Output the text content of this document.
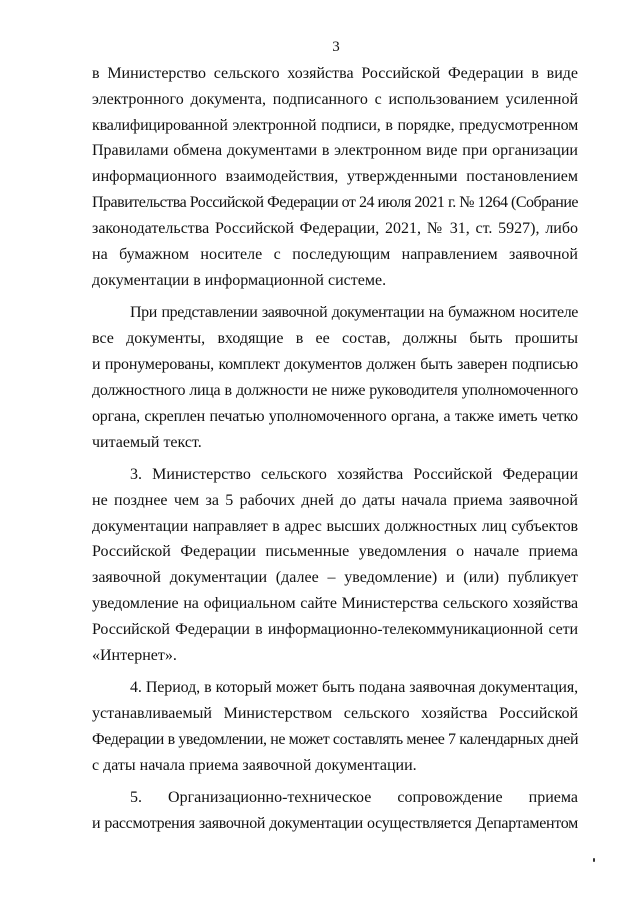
3
в Министерство сельского хозяйства Российской Федерации в виде
электронного документа, подписанного с использованием усиленной
квалифицированной электронной подписи, в порядке, предусмотренном
Правилами обмена документами в электронном виде при организации
информационного взаимодействия, утвержденными постановлением
Правительства Российской Федерации от 24 июля 2021 г. № 1264 (Собрание
законодательства Российской Федерации, 2021, № 31, ст. 5927), либо
на бумажном носителе с последующим направлением заявочной
документации в информационной системе.
При представлении заявочной документации на бумажном носителе
все документы, входящие в ее состав, должны быть прошиты
и пронумерованы, комплект документов должен быть заверен подписью
должностного лица в должности не ниже руководителя уполномоченного
органа, скреплен печатью уполномоченного органа, а также иметь четко
читаемый текст.
3. Министерство сельского хозяйства Российской Федерации
не позднее чем за 5 рабочих дней до даты начала приема заявочной
документации направляет в адрес высших должностных лиц субъектов
Российской Федерации письменные уведомления о начале приема
заявочной документации (далее – уведомление) и (или) публикует
уведомление на официальном сайте Министерства сельского хозяйства
Российской Федерации в информационно-телекоммуникационной сети
«Интернет».
4. Период, в который может быть подана заявочная документация,
устанавливаемый Министерством сельского хозяйства Российской
Федерации в уведомлении, не может составлять менее 7 календарных дней
с даты начала приема заявочной документации.
5. Организационно-техническое сопровождение приема
и рассмотрения заявочной документации осуществляется Департаментом
